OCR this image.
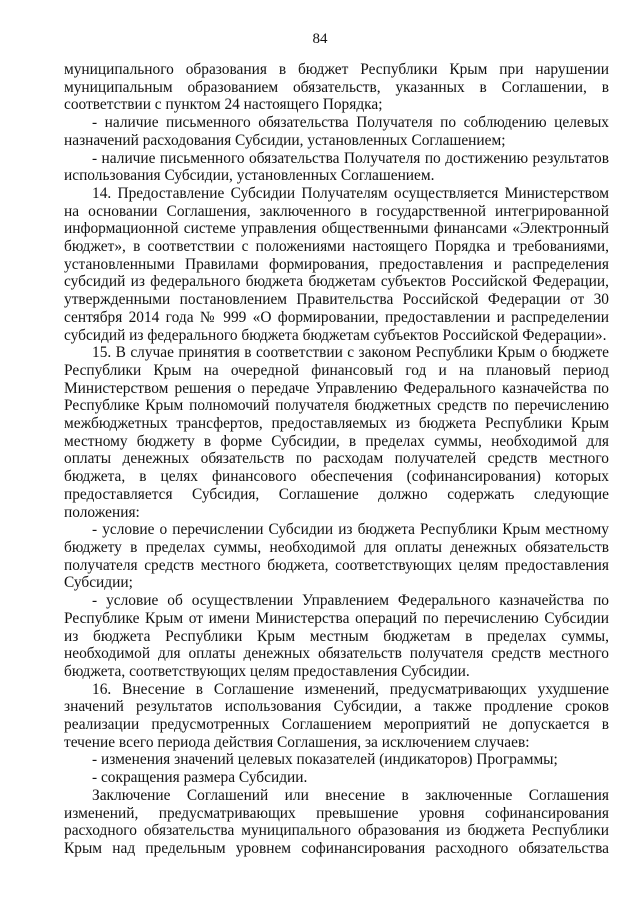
84

муниципального образования в бюджет Республики Крым при нарушении муниципальным образованием обязательств, указанных в Соглашении, в соответствии с пунктом 24 настоящего Порядка;

- наличие письменного обязательства Получателя по соблюдению целевых назначений расходования Субсидии, установленных Соглашением;

- наличие письменного обязательства Получателя по достижению результатов использования Субсидии, установленных Соглашением.

14. Предоставление Субсидии Получателям осуществляется Министерством на основании Соглашения, заключенного в государственной интегрированной информационной системе управления общественными финансами «Электронный бюджет», в соответствии с положениями настоящего Порядка и требованиями, установленными Правилами формирования, предоставления и распределения субсидий из федерального бюджета бюджетам субъектов Российской Федерации, утвержденными постановлением Правительства Российской Федерации от 30 сентября 2014 года № 999 «О формировании, предоставлении и распределении субсидий из федерального бюджета бюджетам субъектов Российской Федерации».

15. В случае принятия в соответствии с законом Республики Крым о бюджете Республики Крым на очередной финансовый год и на плановый период Министерством решения о передаче Управлению Федерального казначейства по Республике Крым полномочий получателя бюджетных средств по перечислению межбюджетных трансфертов, предоставляемых из бюджета Республики Крым местному бюджету в форме Субсидии, в пределах суммы, необходимой для оплаты денежных обязательств по расходам получателей средств местного бюджета, в целях финансового обеспечения (софинансирования) которых предоставляется Субсидия, Соглашение должно содержать следующие положения:

- условие о перечислении Субсидии из бюджета Республики Крым местному бюджету в пределах суммы, необходимой для оплаты денежных обязательств получателя средств местного бюджета, соответствующих целям предоставления Субсидии;

- условие об осуществлении Управлением Федерального казначейства по Республике Крым от имени Министерства операций по перечислению Субсидии из бюджета Республики Крым местным бюджетам в пределах суммы, необходимой для оплаты денежных обязательств получателя средств местного бюджета, соответствующих целям предоставления Субсидии.

16. Внесение в Соглашение изменений, предусматривающих ухудшение значений результатов использования Субсидии, а также продление сроков реализации предусмотренных Соглашением мероприятий не допускается в течение всего периода действия Соглашения, за исключением случаев:

- изменения значений целевых показателей (индикаторов) Программы;

- сокращения размера Субсидии.

Заключение Соглашений или внесение в заключенные Соглашения изменений, предусматривающих превышение уровня софинансирования расходного обязательства муниципального образования из бюджета Республики Крым над предельным уровнем софинансирования расходного обязательства
